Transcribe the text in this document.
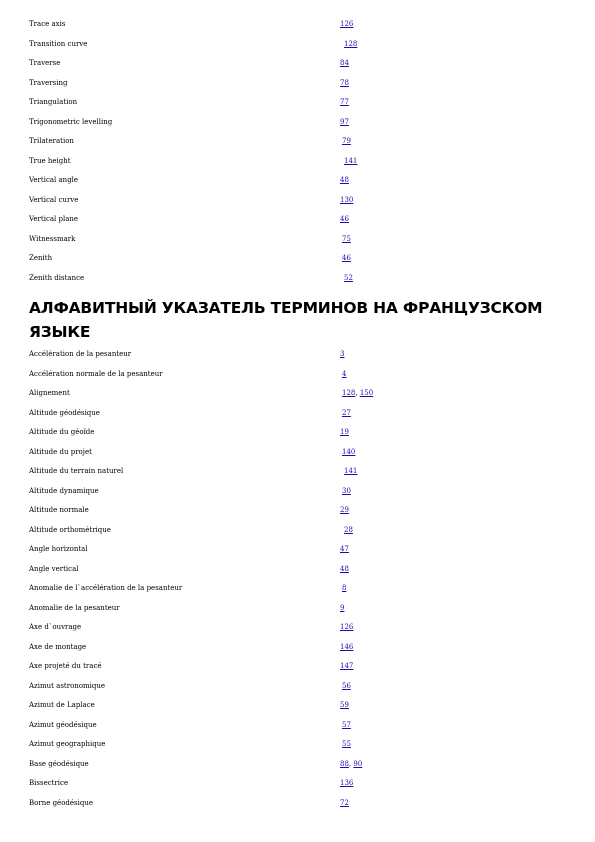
Trace axis	126
Transition curve	128
Traverse	84
Traversing	78
Triangulation	77
Trigonometric levelling	97
Trilateration	79
True height	141
Vertical angle	48
Vertical curve	130
Vertical plane	46
Witnessmark	75
Zenith	46
Zenith distance	52
АЛФАВИТНЫЙ УКАЗАТЕЛЬ ТЕРМИНОВ НА ФРАНЦУЗСКОМ ЯЗЫКЕ
Accélération de la pesanteur	3
Accélération normale de la pesanteur	4
Alignement	128, 150
Altitude géodésique	27
Altitude du géoïde	19
Altitude du projet	140
Altitude du terrain naturel	141
Altitude dynamique	30
Altitude normale	29
Altitude orthométrique	28
Angle horizontal	47
Angle vertical	48
Anomalie de l`accélération de la pesanteur	8
Anomalie de la pesanteur	9
Axe d`ouvrage	126
Axe de montage	146
Axe projeté du tracé	147
Azimut astronomique	56
Azimut de Laplace	59
Azimut géodésique	57
Azimut geographique	55
Base géodésique	88, 90
Bissectrice	136
Borne géodésique	72
